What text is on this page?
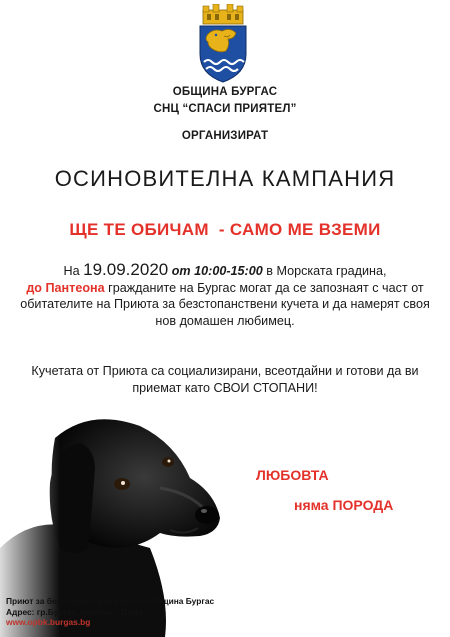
ОБЩИНА БУРГАС
СНЦ “СПАСИ ПРИЯТЕЛ”
ОРГАНИЗИРАТ
ОСИНОВИТЕЛНА КАМПАНИЯ
ЩЕ ТЕ ОБИЧАМ  - САМО МЕ ВЗЕМИ
На 19.09.2020 от 10:00-15:00 в Морската градина,
до Пантеона гражданите на Бургас могат да се запознаят с част от обитателите на Приюта за безстопанствени кучета и да намерят своя нов домашен любимец.
Кучетата от Приюта са социализирани, всеотдайни и готови да ви приемат като СВОИ СТОПАНИ!
ЛЮБОВТА
няма ПОРОДА
Приют за безстопанствени кучета-Община Бургас
Адрес: гр.Бургас, местност Пода
www.opbk.burgas.bg
